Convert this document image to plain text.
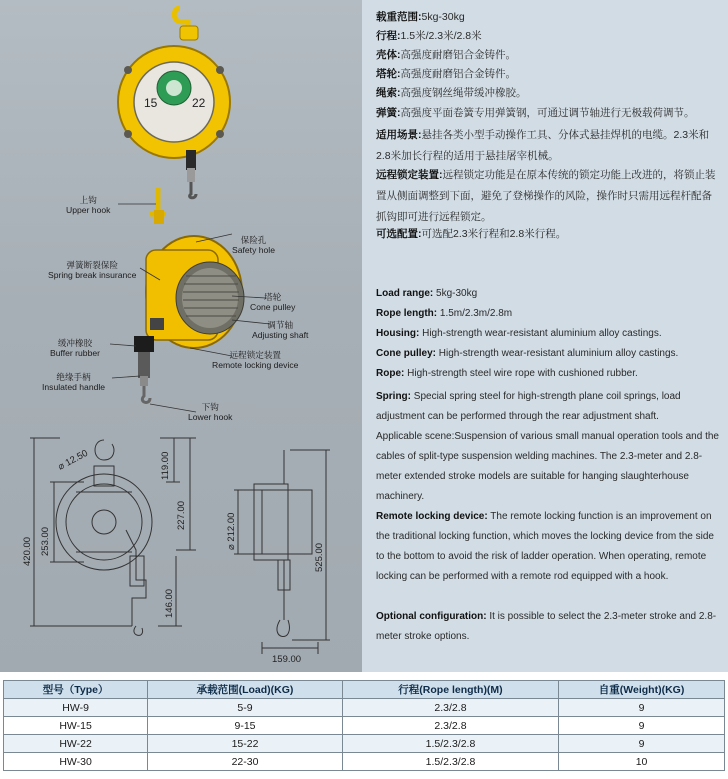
15	22
上钩
Upper hook
保险孔
Safety hole
弹簧断裂保险
Spring break insurance
塔轮
Cone pulley
调节轴
Adjusting shaft
缓冲橡胶
Buffer rubber	远程锁定装置
Remote locking device
绝缘手柄
Insulated handle
下钩
Lower hook
⌀ 12.50	119.00
227.00
253.00
420.00
146.00
⌀ 212.00
525.00
159.00

载重范围:5kg-30kg

行程:1.5米/2.3米/2.8米

壳体:高强度耐磨铝合金铸件。

塔轮:高强度耐磨铝合金铸件。

绳索:高强度钢丝绳带缓冲橡胶。

弹簧:高强度平面卷簧专用弹簧钢，可通过调节轴进行无极载荷调节。

适用场景:悬挂各类小型手动操作工具、分体式悬挂焊机的电缆。2.3米和2.8米加长行程的适用于悬挂屠宰机械。

远程锁定装置:远程锁定功能是在原本传统的锁定功能上改进的，将锁止装置从侧面调整到下面，避免了登梯操作的风险，操作时只需用远程杆配备抓钩即可进行远程锁定。

可选配置:可选配2.3米行程和2.8米行程。

Load range: 5kg-30kg

Rope length: 1.5m/2.3m/2.8m

Housing: High-strength wear-resistant aluminium alloy castings.

Cone pulley: High-strength wear-resistant aluminium alloy castings.

Rope: High-strength steel wire rope with cushioned rubber.

Spring: Special spring steel for high-strength plane coil springs, load adjustment can be performed through the rear adjustment shaft.

Applicable scene:Suspension of various small manual operation tools and the cables of split-type suspension welding machines. The 2.3-meter and 2.8-meter extended stroke models are suitable for hanging slaughterhouse machinery.

Remote locking device: The remote locking function is an improvement on the traditional locking function, which moves the locking device from the side to the bottom to avoid the risk of ladder operation. When operating, remote locking can be performed with a remote rod equipped with a hook.

Optional configuration: It is possible to select the 2.3-meter stroke and 2.8-meter stroke options.

型号（Type）	承载范围(Load)(KG)	行程(Rope length)(M)	自重(Weight)(KG)
HW-9	5-9	2.3/2.8	9
HW-15	9-15	2.3/2.8	9
HW-22	15-22	1.5/2.3/2.8	9
HW-30	22-30	1.5/2.3/2.8	10
